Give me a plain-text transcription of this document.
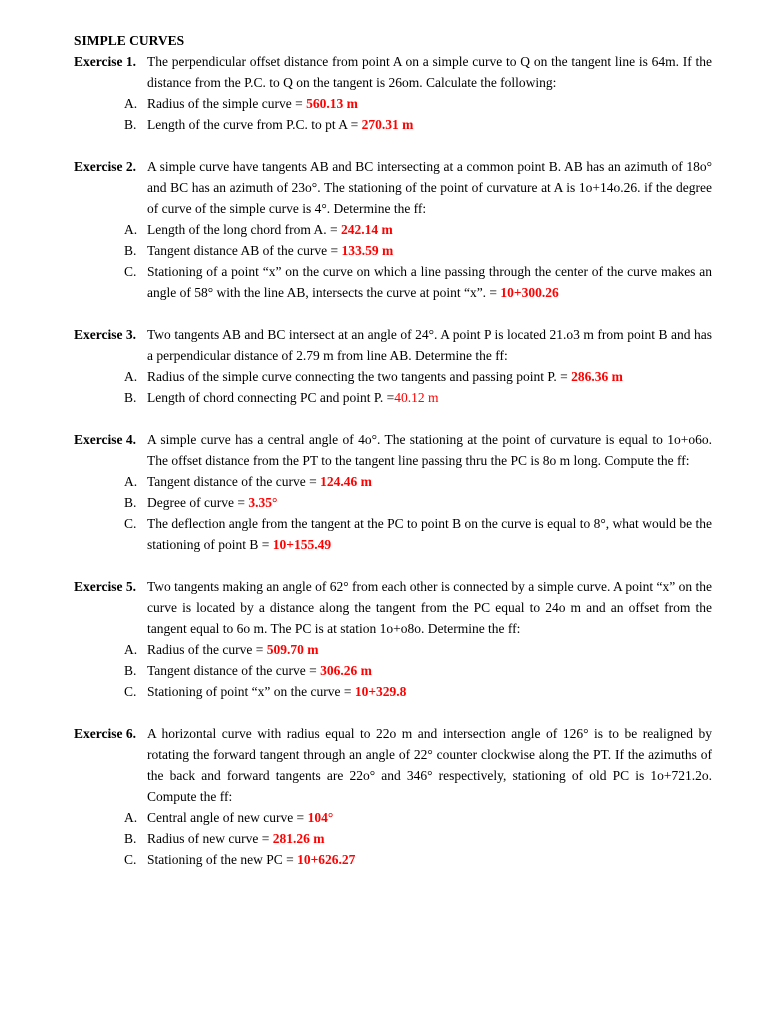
SIMPLE CURVES
Exercise 1. The perpendicular offset distance from point A on a simple curve to Q on the tangent line is 64m. If the distance from the P.C. to Q on the tangent is 26om. Calculate the following:
A. Radius of the simple curve = 560.13 m
B. Length of the curve from P.C. to pt A = 270.31 m
Exercise 2. A simple curve have tangents AB and BC intersecting at a common point B. AB has an azimuth of 18o° and BC has an azimuth of 23o°. The stationing of the point of curvature at A is 1o+14o.26. if the degree of curve of the simple curve is 4°. Determine the ff:
A. Length of the long chord from A. = 242.14 m
B. Tangent distance AB of the curve = 133.59 m
C. Stationing of a point “x” on the curve on which a line passing through the center of the curve makes an angle of 58° with the line AB, intersects the curve at point “x”. = 10+300.26
Exercise 3. Two tangents AB and BC intersect at an angle of 24°. A point P is located 21.o3 m from point B and has a perpendicular distance of 2.79 m from line AB. Determine the ff:
A. Radius of the simple curve connecting the two tangents and passing point P. = 286.36 m
B. Length of chord connecting PC and point P. =40.12 m
Exercise 4. A simple curve has a central angle of 4o°. The stationing at the point of curvature is equal to 1o+o6o. The offset distance from the PT to the tangent line passing thru the PC is 8o m long. Compute the ff:
A. Tangent distance of the curve = 124.46 m
B. Degree of curve = 3.35°
C. The deflection angle from the tangent at the PC to point B on the curve is equal to 8°, what would be the stationing of point B = 10+155.49
Exercise 5. Two tangents making an angle of 62° from each other is connected by a simple curve. A point “x” on the curve is located by a distance along the tangent from the PC equal to 24o m and an offset from the tangent equal to 6o m. The PC is at station 1o+o8o. Determine the ff:
A. Radius of the curve = 509.70 m
B. Tangent distance of the curve = 306.26 m
C. Stationing of point “x” on the curve = 10+329.8
Exercise 6. A horizontal curve with radius equal to 22o m and intersection angle of 126° is to be realigned by rotating the forward tangent through an angle of 22° counter clockwise along the PT. If the azimuths of the back and forward tangents are 22o° and 346° respectively, stationing of old PC is 1o+721.2o. Compute the ff:
A. Central angle of new curve = 104°
B. Radius of new curve = 281.26 m
C. Stationing of the new PC = 10+626.27
